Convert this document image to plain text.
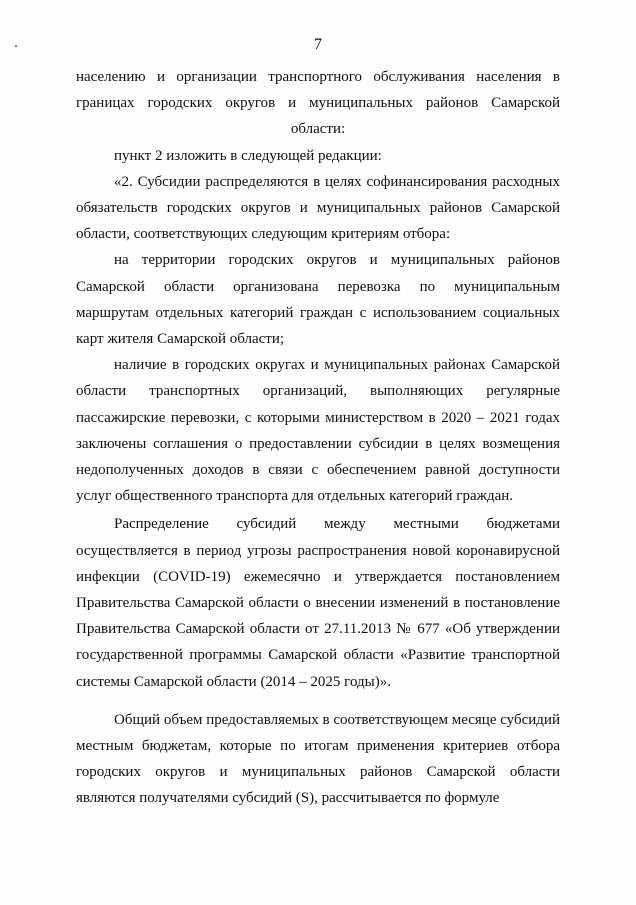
7

населению и организации транспортного обслуживания населения в
границах городских округов и муниципальных районов Самарской
области:

пункт 2 изложить в следующей редакции:

«2. Субсидии распределяются в целях софинансирования расходных
обязательств городских округов и муниципальных районов Самарской
области, соответствующих следующим критериям отбора:

на территории городских округов и муниципальных районов
Самарской области организована перевозка по муниципальным
маршрутам отдельных категорий граждан с использованием социальных
карт жителя Самарской области;

наличие в городских округах и муниципальных районах Самарской
области транспортных организаций, выполняющих регулярные
пассажирские перевозки, с которыми министерством в 2020 – 2021 годах
заключены соглашения о предоставлении субсидии в целях возмещения
недополученных доходов в связи с обеспечением равной доступности
услуг общественного транспорта для отдельных категорий граждан.

Распределение субсидий между местными бюджетами
осуществляется в период угрозы распространения новой коронавирусной
инфекции (COVID-19) ежемесячно и утверждается постановлением
Правительства Самарской области о внесении изменений в постановление
Правительства Самарской области от 27.11.2013 № 677 «Об утверждении
государственной программы Самарской области «Развитие транспортной
системы Самарской области (2014 – 2025 годы)».

Общий объем предоставляемых в соответствующем месяце субсидий
местным бюджетам, которые по итогам применения критериев отбора
городских округов и муниципальных районов Самарской области
являются получателями субсидий (S), рассчитывается по формуле
